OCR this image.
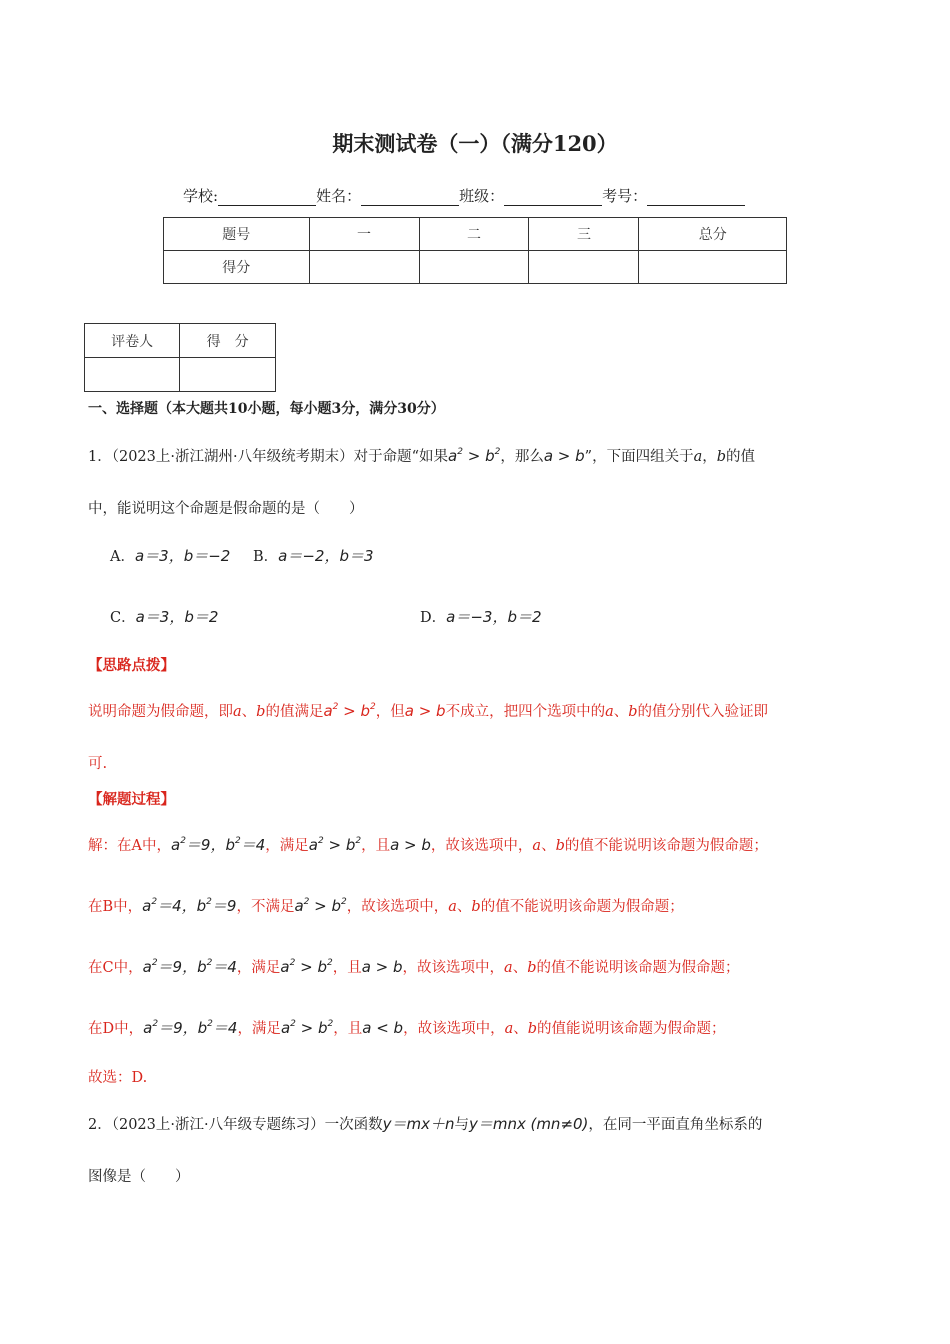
期末测试卷（一）（满分120）
学校:	姓名：	班级：	考号：
题号	一	二	三	总分
得分				
评卷人	得　分

一、选择题（本大题共10小题，每小题3分，满分30分）
1．（2023上·浙江湖州·八年级统考期末）对于命题“如果$a^2 > b^2$，那么a > b”，下面四组关于a，b的值
中，能说明这个命题是假命题的是（　　）
A．a＝3，b＝−2 B．a＝−2，b＝3
C．a＝3，b＝2	D．a＝−3，b＝2
【思路点拨】
说明命题为假命题，即a、b的值满足$a^2 > b^2$，但a > b不成立，把四个选项中的a、b的值分别代入验证即
可.
【解题过程】
解：在A中，$a^2=9$，$b^2=4$，满足$a^2 > b^2$，且a > b，故该选项中，a、b的值不能说明该命题为假命题；
在B中，$a^2=4$，$b^2=9$，不满足$a^2 > b^2$，故该选项中，a、b的值不能说明该命题为假命题；
在C中，$a^2=9$，$b^2=4$，满足$a^2 > b^2$，且a > b，故该选项中，a、b的值不能说明该命题为假命题；
在D中，$a^2=9$，$b^2=4$，满足$a^2 > b^2$，且a < b，故该选项中，a、b的值能说明该命题为假命题；
故选：D.
2．（2023上·浙江·八年级专题练习）一次函数y＝mx＋n与y＝mnx (mn≠0)，在同一平面直角坐标系的
图像是（　　）
